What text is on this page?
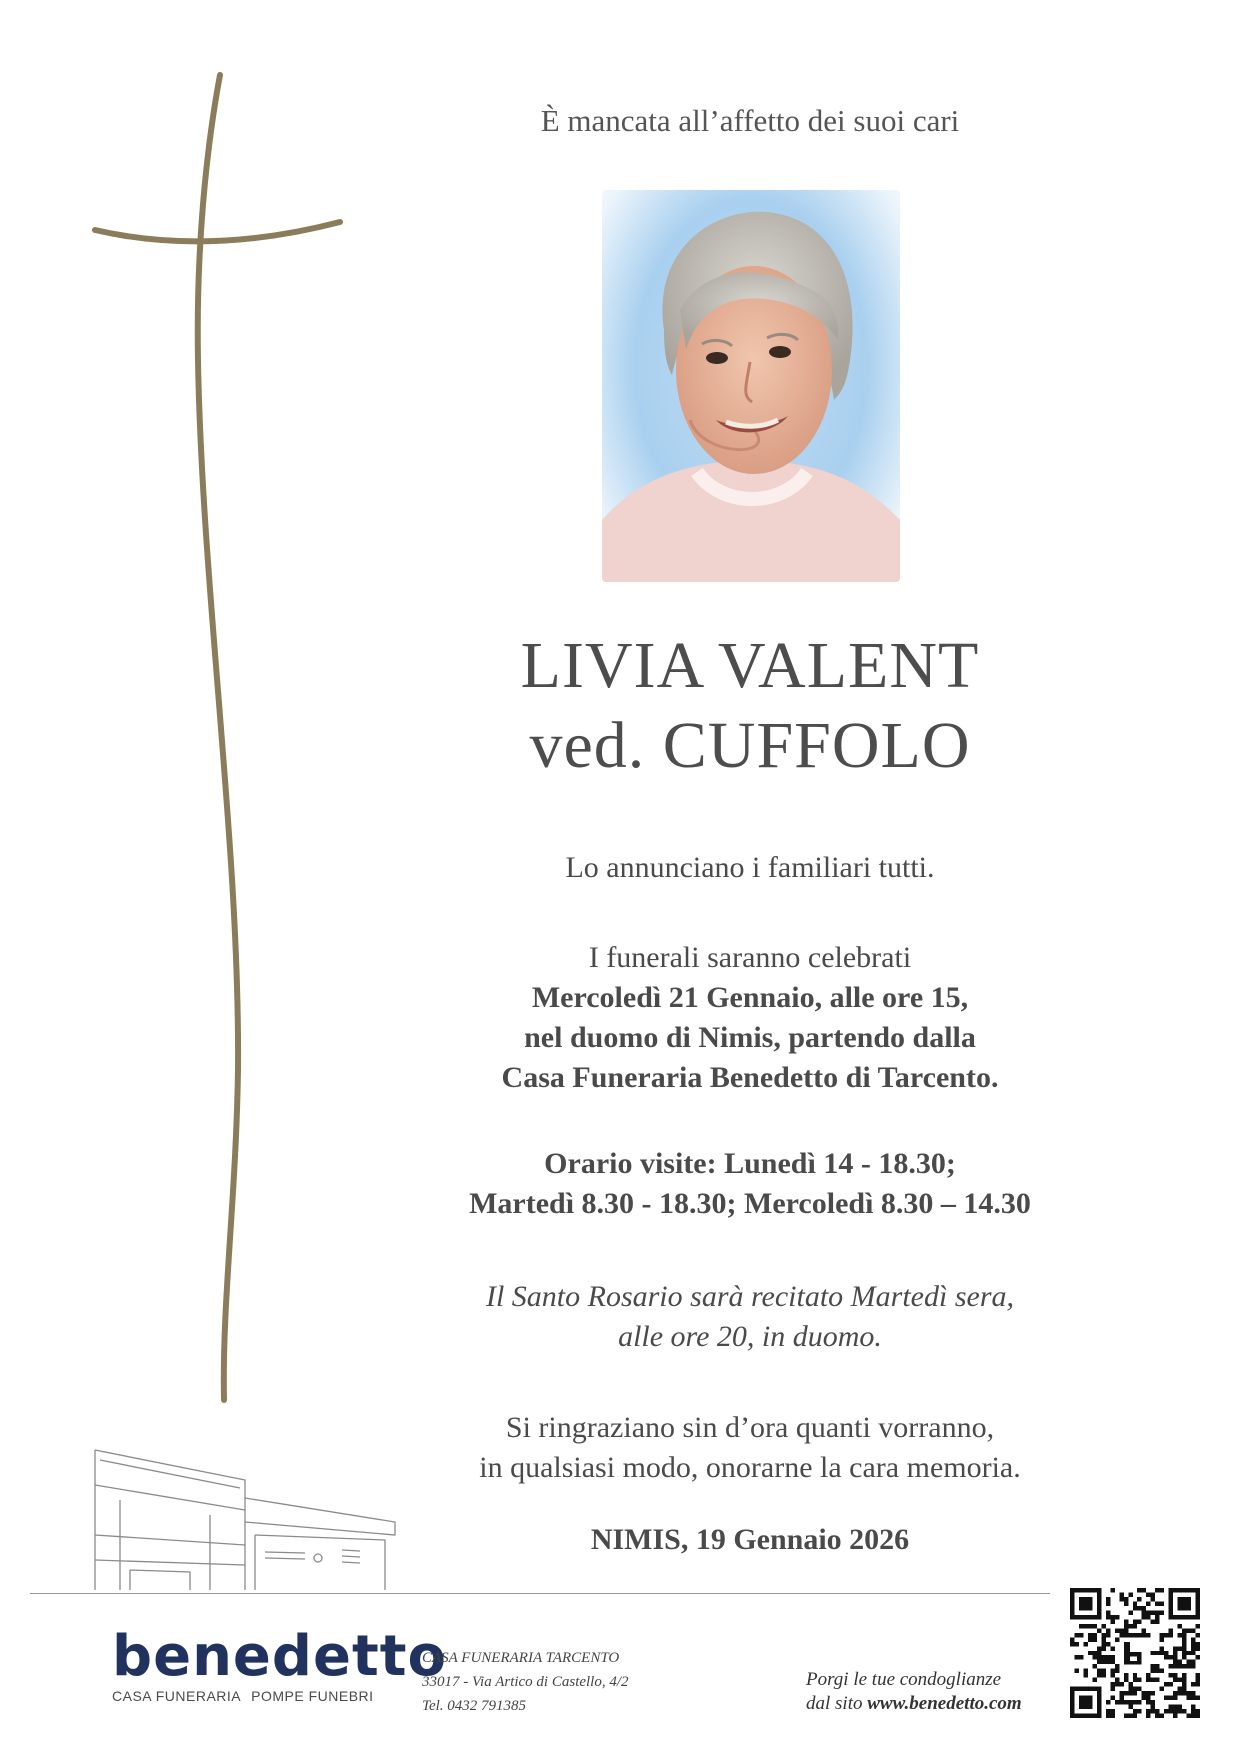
È mancata all’affetto dei suoi cari
LIVIA VALENT
ved. CUFFOLO
Lo annunciano i familiari tutti.
I funerali saranno celebrati
Mercoledì 21 Gennaio, alle ore 15,
nel duomo di Nimis, partendo dalla
Casa Funeraria Benedetto di Tarcento.
Orario visite: Lunedì 14 - 18.30;
Martedì 8.30 - 18.30; Mercoledì 8.30 – 14.30
Il Santo Rosario sarà recitato Martedì sera,
alle ore 20, in duomo.
Si ringraziano sin d’ora quanti vorranno,
in qualsiasi modo, onorarne la cara memoria.
NIMIS, 19 Gennaio 2026
benedetto
CASA FUNERARIA POMPE FUNEBRI
CASA FUNERARIA TARCENTO
33017 - Via Artico di Castello, 4/2
Tel. 0432 791385
Porgi le tue condoglianze
dal sito www.benedetto.com
